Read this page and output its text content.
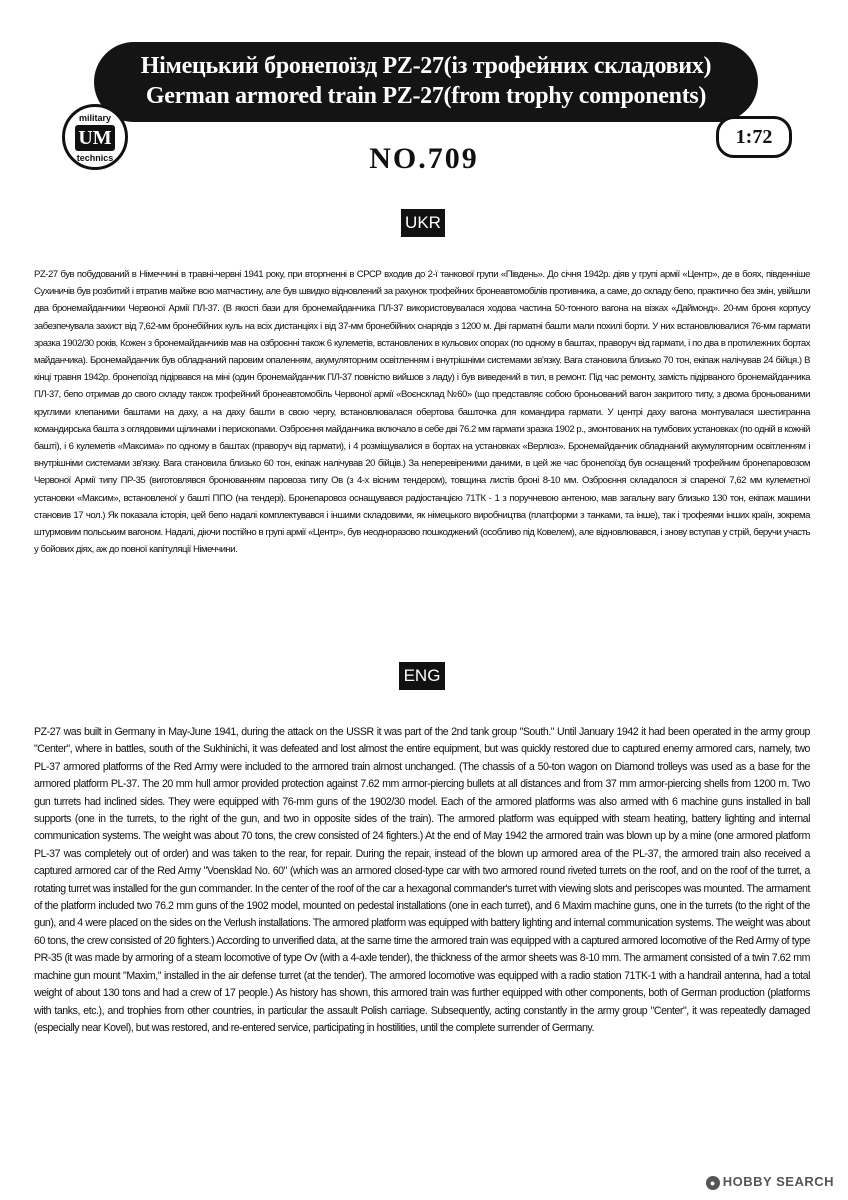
Німецький бронепоїзд PZ-27(із трофейних складових)
German armored train PZ-27(from trophy components)
military
UM
technics
1:72
NO.709
UKR
PZ-27 був побудований в Німеччині в травні-червні 1941 року, при вторгненні в СРСР входив до 2-ї танкової групи «Південь». До січня 1942р. діяв у групі армії «Центр», де в боях, південніше Сухиничів був розбитий і втратив майже всю матчастину, але був швидко відновлений за рахунок трофейних бронеавтомобілів противника, а саме, до складу бепо, практично без змін, увійшли два бронемайданчики Червоної Армії ПЛ-37. (В якості бази для бронемайданчика ПЛ-37 використовувалася ходова частина 50-тонного вагона на візках «Даймонд». 20-мм броня корпусу забезпечувала захист від 7,62-мм бронебійних куль на всіх дистанціях і від 37-мм бронебійних снарядів з 1200 м. Дві гарматні башти мали похилі борти. У них встановлювалися 76-мм гармати зразка 1902/30 років. Кожен з бронемайданчиків мав на озброєнні також 6 кулеметів, встановлених в кульових опорах (по одному в баштах, праворуч від гармати, і по два в протилежних бортах майданчика). Бронемайданчик був обладнаний паровим опаленням, акумуляторним освітленням і внутрішніми системами зв'язку. Вага становила близько 70 тон, екіпаж налічував 24 бійця.) В кінці травня 1942р. бронепоїзд підірвався на міні (один бронемайданчик ПЛ-37 повністю вийшов з ладу) і був виведений в тил, в ремонт. Під час ремонту, замість підірваного бронемайданчика ПЛ-37, бепо отримав до свого складу також трофейний бронеавтомобіль Червоної армії «Воєнсклад №60» (що представляє собою броньований вагон закритого типу, з двома броньованими круглими клепаними баштами на даху, а на даху башти в свою чергу, встановлювалася обертова башточка для командира гармати. У центрі даху вагона монтувалася шестигранна командирська башта з оглядовими щілинами і перископами. Озброєння майданчика включало в себе дві 76.2 мм гармати зразка 1902 р., змонтованих на тумбових установках (по одній в кожній башті), і 6 кулеметів «Максима» по одному в баштах (праворуч від гармати), і 4 розміщувалися в бортах на установках «Верлюз». Бронемайданчик обладнаний акумуляторним освітленням і внутрішніми системами зв'язку. Вага становила близько 60 тон, екіпаж налічував 20 бійців.) За неперевіреними даними, в цей же час бронепоїзд був оснащений трофейним бронепаровозом Червоної Армії типу ПР-35 (виготовлявся бронюванням паровоза типу Ов (з 4-х вісним тендером), товщина листів броні 8-10 мм. Озброєння складалося зі спареної 7,62 мм кулеметної установки «Максим», встановленої у башті ППО (на тендері). Бронепаровоз оснащувався радіостанцією 71ТК - 1 з поручневою антеною, мав загальну вагу близько 130 тон, екіпаж машини становив 17 чол.) Як показала історія, цей бепо надалі комплектувався і іншими складовими, як німецького виробництва (платформи з танками, та інше), так і трофеями інших країн, зокрема штурмовим польським вагоном. Надалі, діючи постійно в групі армії «Центр», був неодноразово пошкоджений (особливо під Ковелем), але відновлювався, і знову вступав у стрій, беручи участь у бойових діях, аж до повної капітуляції Німеччини.
ENG
PZ-27 was built in Germany in May-June 1941, during the attack on the USSR it was part of the 2nd tank group "South." Until January 1942 it had been operated in the army group "Center", where in battles, south of the Sukhinichi, it was defeated and lost almost the entire equipment, but was quickly restored due to captured enemy armored cars, namely, two PL-37 armored platforms of the Red Army were included to the armored train almost unchanged. (The chassis of a 50-ton wagon on Diamond trolleys was used as a base for the armored platform PL-37. The 20 mm hull armor provided protection against 7.62 mm armor-piercing bullets at all distances and from 37 mm armor-piercing shells from 1200 m. Two gun turrets had inclined sides. They were equipped with 76-mm guns of the 1902/30 model. Each of the armored platforms was also armed with 6 machine guns installed in ball supports (one in the turrets, to the right of the gun, and two in opposite sides of the train). The armored platform was equipped with steam heating, battery lighting and internal communication systems. The weight was about 70 tons, the crew consisted of 24 fighters.) At the end of May 1942 the armored train was blown up by a mine (one armored platform PL-37 was completely out of order) and was taken to the rear, for repair. During the repair, instead of the blown up armored area of the PL-37, the armored train also received a captured armored car of the Red Army "Voensklad No. 60" (which was an armored closed-type car with two armored round riveted turrets on the roof, and on the roof of the turret, a rotating turret was installed for the gun commander. In the center of the roof of the car a hexagonal commander's turret with viewing slots and periscopes was mounted. The armament of the platform included two 76.2 mm guns of the 1902 model, mounted on pedestal installations (one in each turret), and 6 Maxim machine guns, one in the turrets (to the right of the gun), and 4 were placed on the sides on the Verlush installations. The armored platform was equipped with battery lighting and internal communication systems. The weight was about 60 tons, the crew consisted of 20 fighters.) According to unverified data, at the same time the armored train was equipped with a captured armored locomotive of the Red Army of type PR-35 (it was made by armoring of a steam locomotive of type Ov (with a 4-axle tender), the thickness of the armor sheets was 8-10 mm. The armament consisted of a twin 7.62 mm machine gun mount "Maxim," installed in the air defense turret (at the tender). The armored locomotive was equipped with a radio station 71TK-1 with a handrail antenna, had a total weight of about 130 tons and had a crew of 17 people.) As history has shown, this armored train was further equipped with other components, both of German production (platforms with tanks, etc.), and trophies from other countries, in particular the assault Polish carriage. Subsequently, acting constantly in the army group "Center", it was repeatedly damaged (especially near Kovel), but was restored, and re-entered service, participating in hostilities, until the complete surrender of Germany.
● HOBBY SEARCH
